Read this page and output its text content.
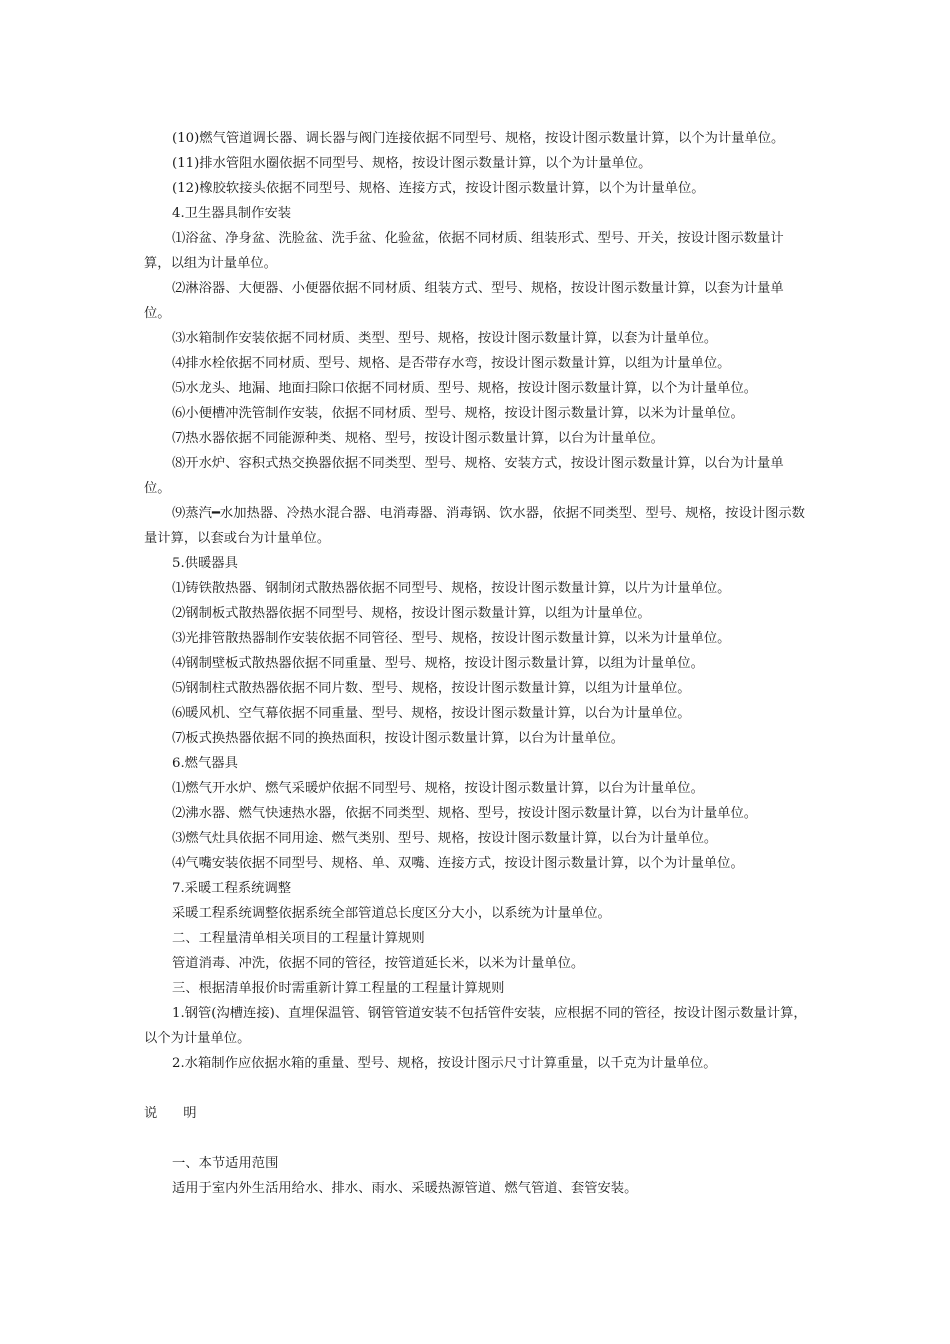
(10)燃气管道调长器、调长器与阀门连接依据不同型号、规格，按设计图示数量计算，以个为计量单位。

(11)排水管阻水圈依据不同型号、规格，按设计图示数量计算，以个为计量单位。

(12)橡胶软接头依据不同型号、规格、连接方式，按设计图示数量计算，以个为计量单位。

4.卫生器具制作安装

⑴浴盆、净身盆、洗脸盆、洗手盆、化验盆，依据不同材质、组装形式、型号、开关，按设计图示数量计算，以组为计量单位。

⑵淋浴器、大便器、小便器依据不同材质、组装方式、型号、规格，按设计图示数量计算，以套为计量单位。

⑶水箱制作安装依据不同材质、类型、型号、规格，按设计图示数量计算，以套为计量单位。

⑷排水栓依据不同材质、型号、规格、是否带存水弯，按设计图示数量计算，以组为计量单位。

⑸水龙头、地漏、地面扫除口依据不同材质、型号、规格，按设计图示数量计算，以个为计量单位。

⑹小便槽冲洗管制作安装，依据不同材质、型号、规格，按设计图示数量计算，以米为计量单位。

⑺热水器依据不同能源种类、规格、型号，按设计图示数量计算，以台为计量单位。

⑻开水炉、容积式热交换器依据不同类型、型号、规格、安装方式，按设计图示数量计算，以台为计量单位。

⑼蒸汽━水加热器、冷热水混合器、电消毒器、消毒锅、饮水器，依据不同类型、型号、规格，按设计图示数量计算，以套或台为计量单位。

5.供暖器具

⑴铸铁散热器、钢制闭式散热器依据不同型号、规格，按设计图示数量计算，以片为计量单位。

⑵钢制板式散热器依据不同型号、规格，按设计图示数量计算，以组为计量单位。

⑶光排管散热器制作安装依据不同管径、型号、规格，按设计图示数量计算，以米为计量单位。

⑷钢制壁板式散热器依据不同重量、型号、规格，按设计图示数量计算，以组为计量单位。

⑸钢制柱式散热器依据不同片数、型号、规格，按设计图示数量计算，以组为计量单位。

⑹暖风机、空气幕依据不同重量、型号、规格，按设计图示数量计算，以台为计量单位。

⑺板式换热器依据不同的换热面积，按设计图示数量计算，以台为计量单位。

6.燃气器具

⑴燃气开水炉、燃气采暖炉依据不同型号、规格，按设计图示数量计算，以台为计量单位。

⑵沸水器、燃气快速热水器，依据不同类型、规格、型号，按设计图示数量计算，以台为计量单位。

⑶燃气灶具依据不同用途、燃气类别、型号、规格，按设计图示数量计算，以台为计量单位。

⑷气嘴安装依据不同型号、规格、单、双嘴、连接方式，按设计图示数量计算，以个为计量单位。

7.采暖工程系统调整

采暖工程系统调整依据系统全部管道总长度区分大小，以系统为计量单位。

二、工程量清单相关项目的工程量计算规则

管道消毒、冲洗，依据不同的管径，按管道延长米，以米为计量单位。

三、根据清单报价时需重新计算工程量的工程量计算规则

1.钢管(沟槽连接)、直埋保温管、钢管管道安装不包括管件安装，应根据不同的管径，按设计图示数量计算，以个为计量单位。

2.水箱制作应依据水箱的重量、型号、规格，按设计图示尺寸计算重量，以千克为计量单位。

说 明

一、本节适用范围

适用于室内外生活用给水、排水、雨水、采暖热源管道、燃气管道、套管安装。
